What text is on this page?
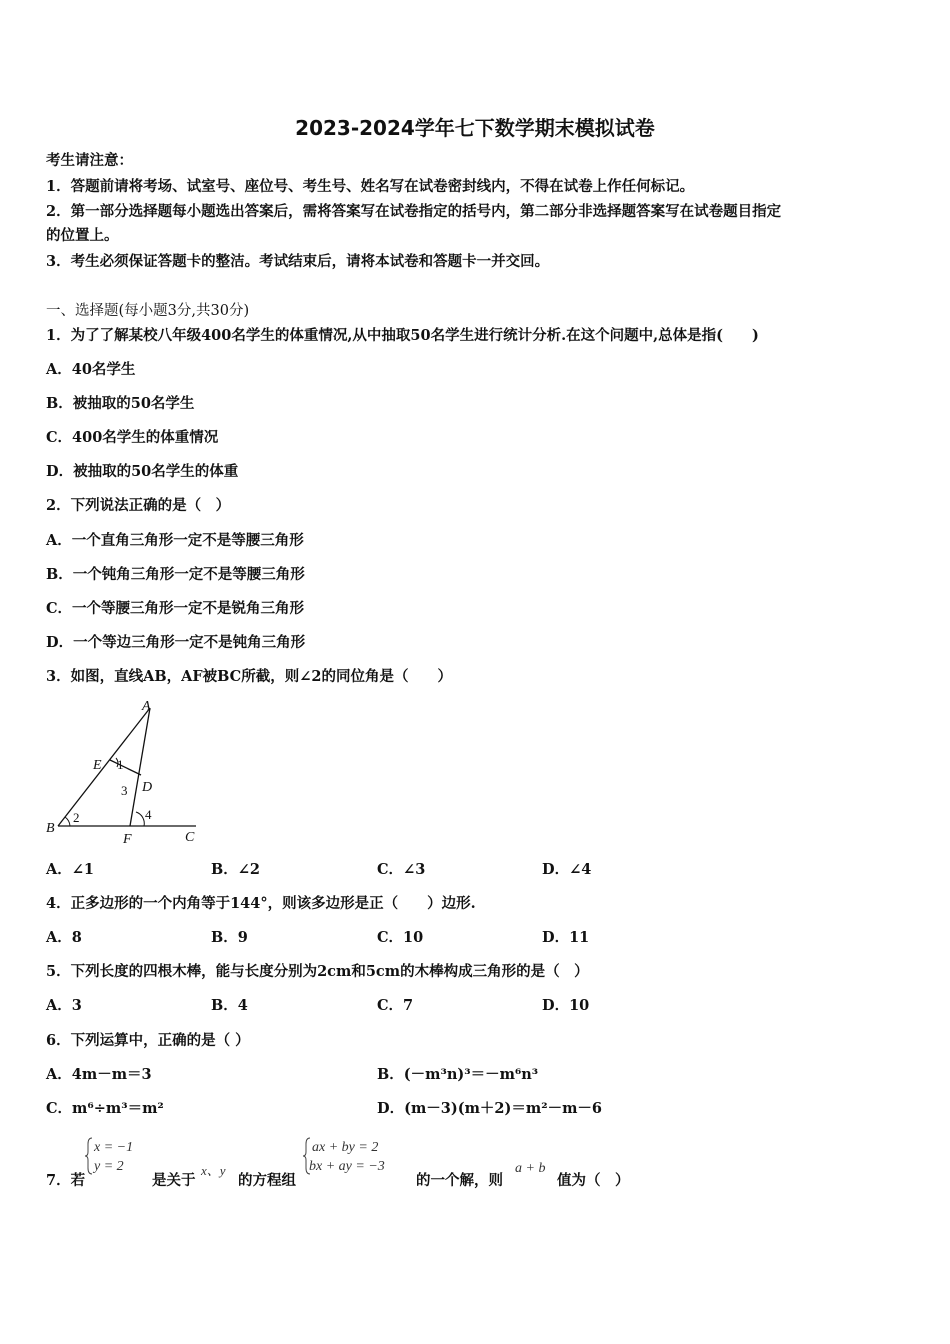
2023-2024学年七下数学期末模拟试卷
考生请注意：
1．答题前请将考场、试室号、座位号、考生号、姓名写在试卷密封线内，不得在试卷上作任何标记。
2．第一部分选择题每小题选出答案后，需将答案写在试卷指定的括号内，第二部分非选择题答案写在试卷题目指定
的位置上。
3．考生必须保证答题卡的整洁。考试结束后，请将本试卷和答题卡一并交回。
一、选择题(每小题3分,共30分)
1．为了了解某校八年级400名学生的体重情况,从中抽取50名学生进行统计分析.在这个问题中,总体是指(　　)
A．40名学生
B．被抽取的50名学生
C．400名学生的体重情况
D．被抽取的50名学生的体重
2．下列说法正确的是（　）
A．一个直角三角形一定不是等腰三角形
B．一个钝角三角形一定不是等腰三角形
C．一个等腰三角形一定不是锐角三角形
D．一个等边三角形一定不是钝角三角形
3．如图，直线AB，AF被BC所截，则∠2的同位角是（　　）
A
B
C
D
E
F
1
2
3
4
A．∠1	B．∠2	C．∠3	D．∠4
4．正多边形的一个内角等于144°，则该多边形是正（　　）边形.
A．8	B．9	C．10	D．11
5．下列长度的四根木棒，能与长度分别为2cm和5cm的木棒构成三角形的是（　）
A．3	B．4	C．7	D．10
6．下列运算中，正确的是（ ）
A．4m－m＝3	B．(－m³n)³＝－m⁶n³
C．m⁶÷m³＝m²	D．(m－3)(m＋2)＝m²－m－6
7．若
x = −1
y = 2
是关于
x、y
的方程组
ax + by = 2
bx + ay = −3
的一个解，则
a + b
值为（　）
